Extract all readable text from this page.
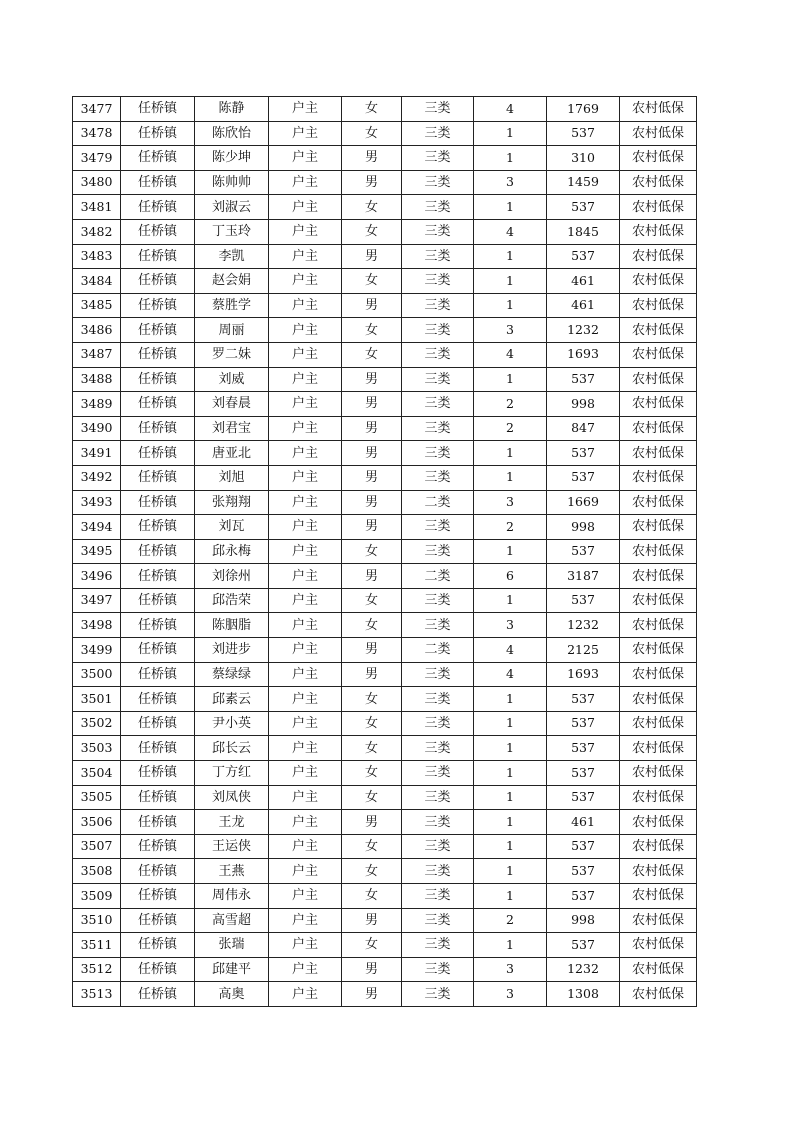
3477	任桥镇	陈静	户主	女	三类	4	1769	农村低保
3478	任桥镇	陈欣怡	户主	女	三类	1	537	农村低保
3479	任桥镇	陈少坤	户主	男	三类	1	310	农村低保
3480	任桥镇	陈帅帅	户主	男	三类	3	1459	农村低保
3481	任桥镇	刘淑云	户主	女	三类	1	537	农村低保
3482	任桥镇	丁玉玲	户主	女	三类	4	1845	农村低保
3483	任桥镇	李凯	户主	男	三类	1	537	农村低保
3484	任桥镇	赵会娟	户主	女	三类	1	461	农村低保
3485	任桥镇	蔡胜学	户主	男	三类	1	461	农村低保
3486	任桥镇	周丽	户主	女	三类	3	1232	农村低保
3487	任桥镇	罗二妹	户主	女	三类	4	1693	农村低保
3488	任桥镇	刘威	户主	男	三类	1	537	农村低保
3489	任桥镇	刘春晨	户主	男	三类	2	998	农村低保
3490	任桥镇	刘君宝	户主	男	三类	2	847	农村低保
3491	任桥镇	唐亚北	户主	男	三类	1	537	农村低保
3492	任桥镇	刘旭	户主	男	三类	1	537	农村低保
3493	任桥镇	张翔翔	户主	男	二类	3	1669	农村低保
3494	任桥镇	刘瓦	户主	男	三类	2	998	农村低保
3495	任桥镇	邱永梅	户主	女	三类	1	537	农村低保
3496	任桥镇	刘徐州	户主	男	二类	6	3187	农村低保
3497	任桥镇	邱浩荣	户主	女	三类	1	537	农村低保
3498	任桥镇	陈胭脂	户主	女	三类	3	1232	农村低保
3499	任桥镇	刘进步	户主	男	二类	4	2125	农村低保
3500	任桥镇	蔡绿绿	户主	男	三类	4	1693	农村低保
3501	任桥镇	邱素云	户主	女	三类	1	537	农村低保
3502	任桥镇	尹小英	户主	女	三类	1	537	农村低保
3503	任桥镇	邱长云	户主	女	三类	1	537	农村低保
3504	任桥镇	丁方红	户主	女	三类	1	537	农村低保
3505	任桥镇	刘凤侠	户主	女	三类	1	537	农村低保
3506	任桥镇	王龙	户主	男	三类	1	461	农村低保
3507	任桥镇	王运侠	户主	女	三类	1	537	农村低保
3508	任桥镇	王燕	户主	女	三类	1	537	农村低保
3509	任桥镇	周伟永	户主	女	三类	1	537	农村低保
3510	任桥镇	高雪超	户主	男	三类	2	998	农村低保
3511	任桥镇	张瑞	户主	女	三类	1	537	农村低保
3512	任桥镇	邱建平	户主	男	三类	3	1232	农村低保
3513	任桥镇	高奥	户主	男	三类	3	1308	农村低保
